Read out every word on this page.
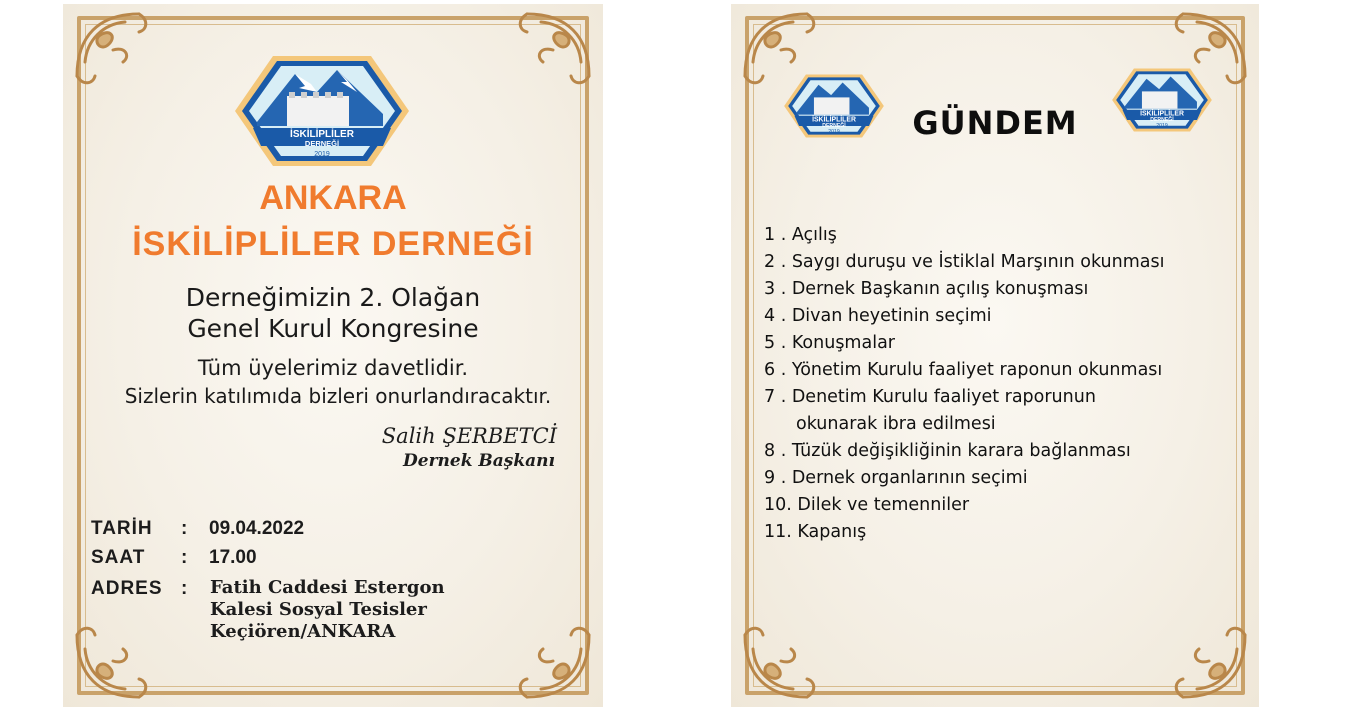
İSKİLİPLİLER
DERNEĞİ
2019
ANKARA
İSKİLİPLİLER DERNEĞİ
Derneğimizin 2. Olağan
Genel Kurul Kongresine
Tüm üyelerimiz davetlidir.
Sizlerin katılımıda bizleri onurlandıracaktır.
Salih ŞERBETCİ
Dernek Başkanı
TARİH : 09.04.2022
SAAT : 17.00
ADRES :	Fatih Caddesi Estergon
Kalesi Sosyal Tesisler
Keçiören/ANKARA
İSKİLİPLİLER
DERNEĞİ
2019
İSKİLİPLİLER
DERNEĞİ
2019
GÜNDEM
1 . Açılış
2 . Saygı duruşu ve İstiklal Marşının okunması
3 . Dernek Başkanın açılış konuşması
4 . Divan heyetinin seçimi
5 . Konuşmalar
6 . Yönetim Kurulu faaliyet raponun okunması
7 . Denetim Kurulu faaliyet raporunun
okunarak ibra edilmesi
8 . Tüzük değişikliğinin karara bağlanması
9 . Dernek organlarının seçimi
10. Dilek ve temenniler
11. Kapanış
